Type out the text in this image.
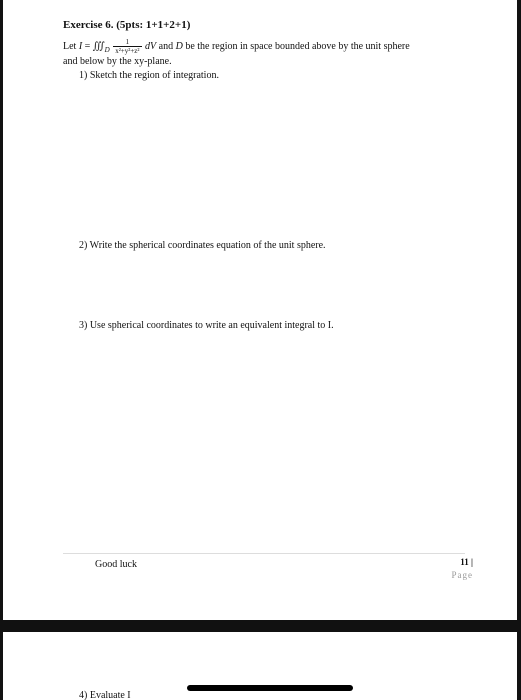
Exercise 6. (5pts: 1+1+2+1)
Let $I = ∭_D \frac{1}{\text{x²+y²+z²}}$ dV and D be the region in space bounded above by the unit sphere
and below by the xy-plane.
1) Sketch the region of integration.
2) Write the spherical coordinates equation of the unit sphere.
3) Use spherical coordinates to write an equivalent integral to I.
Good luck	11 |
Page
4) Evaluate I
